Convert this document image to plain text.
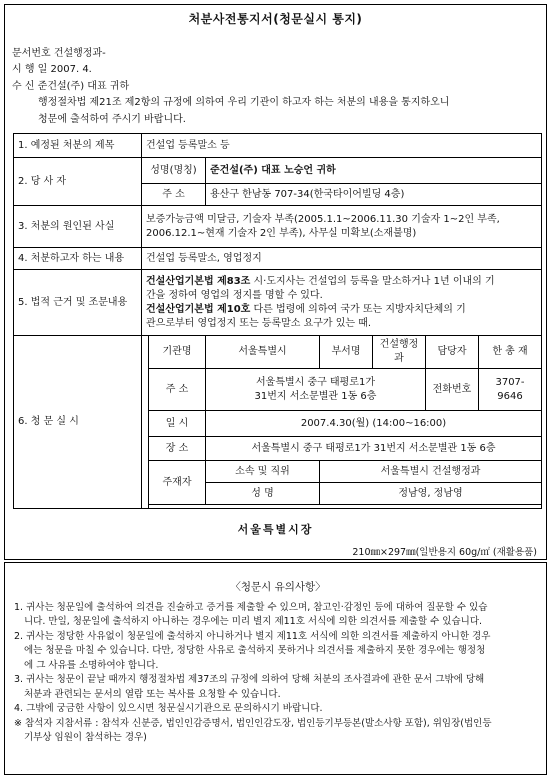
처분사전통지서(청문실시 통지)
문서번호 건설행정과-
시 행 일 2007. 4.
수 신 준건설(주) 대표 귀하
행정절차법 제21조 제2항의 규정에 의하여 우리 기관이 하고자 하는 처분의 내용을 통지하오니
청문에 출석하여 주시기 바랍니다.
1. 예정된 처분의 제목	건설업 등록말소 등						
2. 당 사 자	성명(명칭)		준건설(주) 대표 노승언 귀하				
	주 소		용산구 한남동 707-34(한국타이어빌딩 4층)				
3. 처분의 원인된 사실	보증가능금액 미달금, 기술자 부족(2005.1.1~2006.11.30 기술자 1~2인 부족,
2006.12.1~현재 기술자 2인 부족), 사무실 미확보(소재불명)						

4. 처분하고자 하는 내용	건설업 등록말소, 영업정지						
5. 법적 근거 및 조문내용	건설산업기본법 제83조 시·도지사는 건설업의 등록을 말소하거나 1년 이내의 기
간을 정하여 영업의 정지를 명할 수 있다.
건설산업기본법 제10호 다른 법령에 의하여 국가 또는 지방자치단체의 기
관으로부터 영업정지 또는 등록말소 요구가 있는 때.						

6. 청 문 실 시		기관명	서울특별시	부서명	건설행정과	담당자	한 총 재
		주 소	서울특별시 중구 태평로1가
31번지 서소문별관 1동 6층			전화번호	3707-9646
		일 시	2007.4.30(월) (14:00~16:00)				
		장 소	서울특별시 중구 태평로1가 31번지 서소문별관 1동 6층				
		주재자	소속 및 직위	서울특별시 건설행정과			
			성 명	정남영, 정남영			

서울특별시장
210㎜×297㎜(일반용지 60g/㎡ (재활용품)
〈청문시 유의사항〉

1. 귀사는 청문일에 출석하여 의견을 진술하고 증거를 제출할 수 있으며, 참고인·감정인 등에 대하여 질문할 수 있습

니다. 만일, 청문일에 출석하지 아니하는 경우에는 미리 별지 제11호 서식에 의한 의견서를 제출할 수 있습니다.

2. 귀사는 정당한 사유없이 청문일에 출석하지 아니하거나 별지 제11호 서식에 의한 의견서를 제출하지 아니한 경우

에는 청문을 마칠 수 있습니다. 다만, 정당한 사유로 출석하지 못하거나 의견서를 제출하지 못한 경우에는 행정청

에 그 사유를 소명하여야 합니다.

3. 귀사는 청문이 끝날 때까지 행정절차법 제37조의 규정에 의하여 당해 처분의 조사결과에 관한 문서 그밖에 당해

처분과 관련되는 문서의 열람 또는 복사를 요청할 수 있습니다.

4. 그밖에 궁금한 사항이 있으시면 청문실시기관으로 문의하시기 바랍니다.

※ 참석자 지참서류 : 참석자 신분증, 법인인감증명서, 법인인감도장, 법인등기부등본(발소사항 포함), 위임장(법인등

기부상 임원이 참석하는 경우)
